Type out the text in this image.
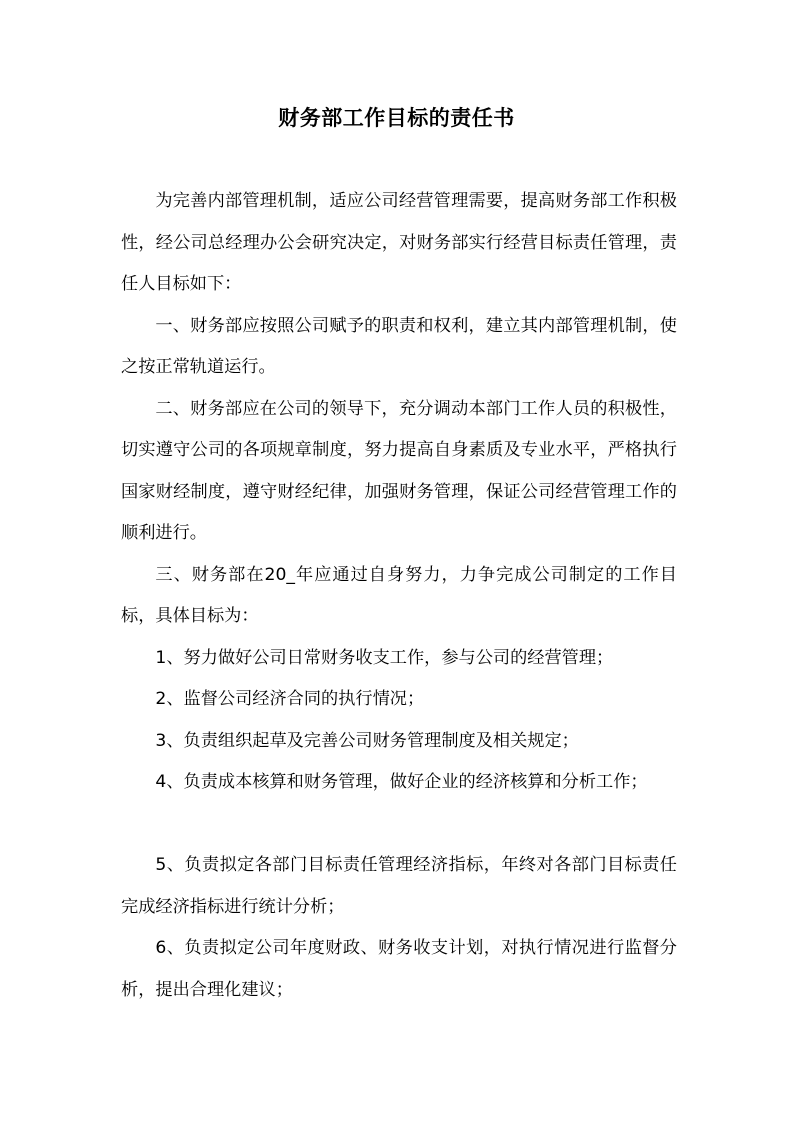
财务部工作目标的责任书

为完善内部管理机制，适应公司经营管理需要，提高财务部工作积极性，经公司总经理办公会研究决定，对财务部实行经营目标责任管理，责任人目标如下：

一、财务部应按照公司赋予的职责和权利，建立其内部管理机制，使之按正常轨道运行。

二、财务部应在公司的领导下，充分调动本部门工作人员的积极性，切实遵守公司的各项规章制度，努力提高自身素质及专业水平，严格执行国家财经制度，遵守财经纪律，加强财务管理，保证公司经营管理工作的顺利进行。

三、财务部在20_年应通过自身努力，力争完成公司制定的工作目标，具体目标为：

1、努力做好公司日常财务收支工作，参与公司的经营管理；

2、监督公司经济合同的执行情况；

3、负责组织起草及完善公司财务管理制度及相关规定；

4、负责成本核算和财务管理，做好企业的经济核算和分析工作；

5、负责拟定各部门目标责任管理经济指标，年终对各部门目标责任完成经济指标进行统计分析；

6、负责拟定公司年度财政、财务收支计划，对执行情况进行监督分析，提出合理化建议；
